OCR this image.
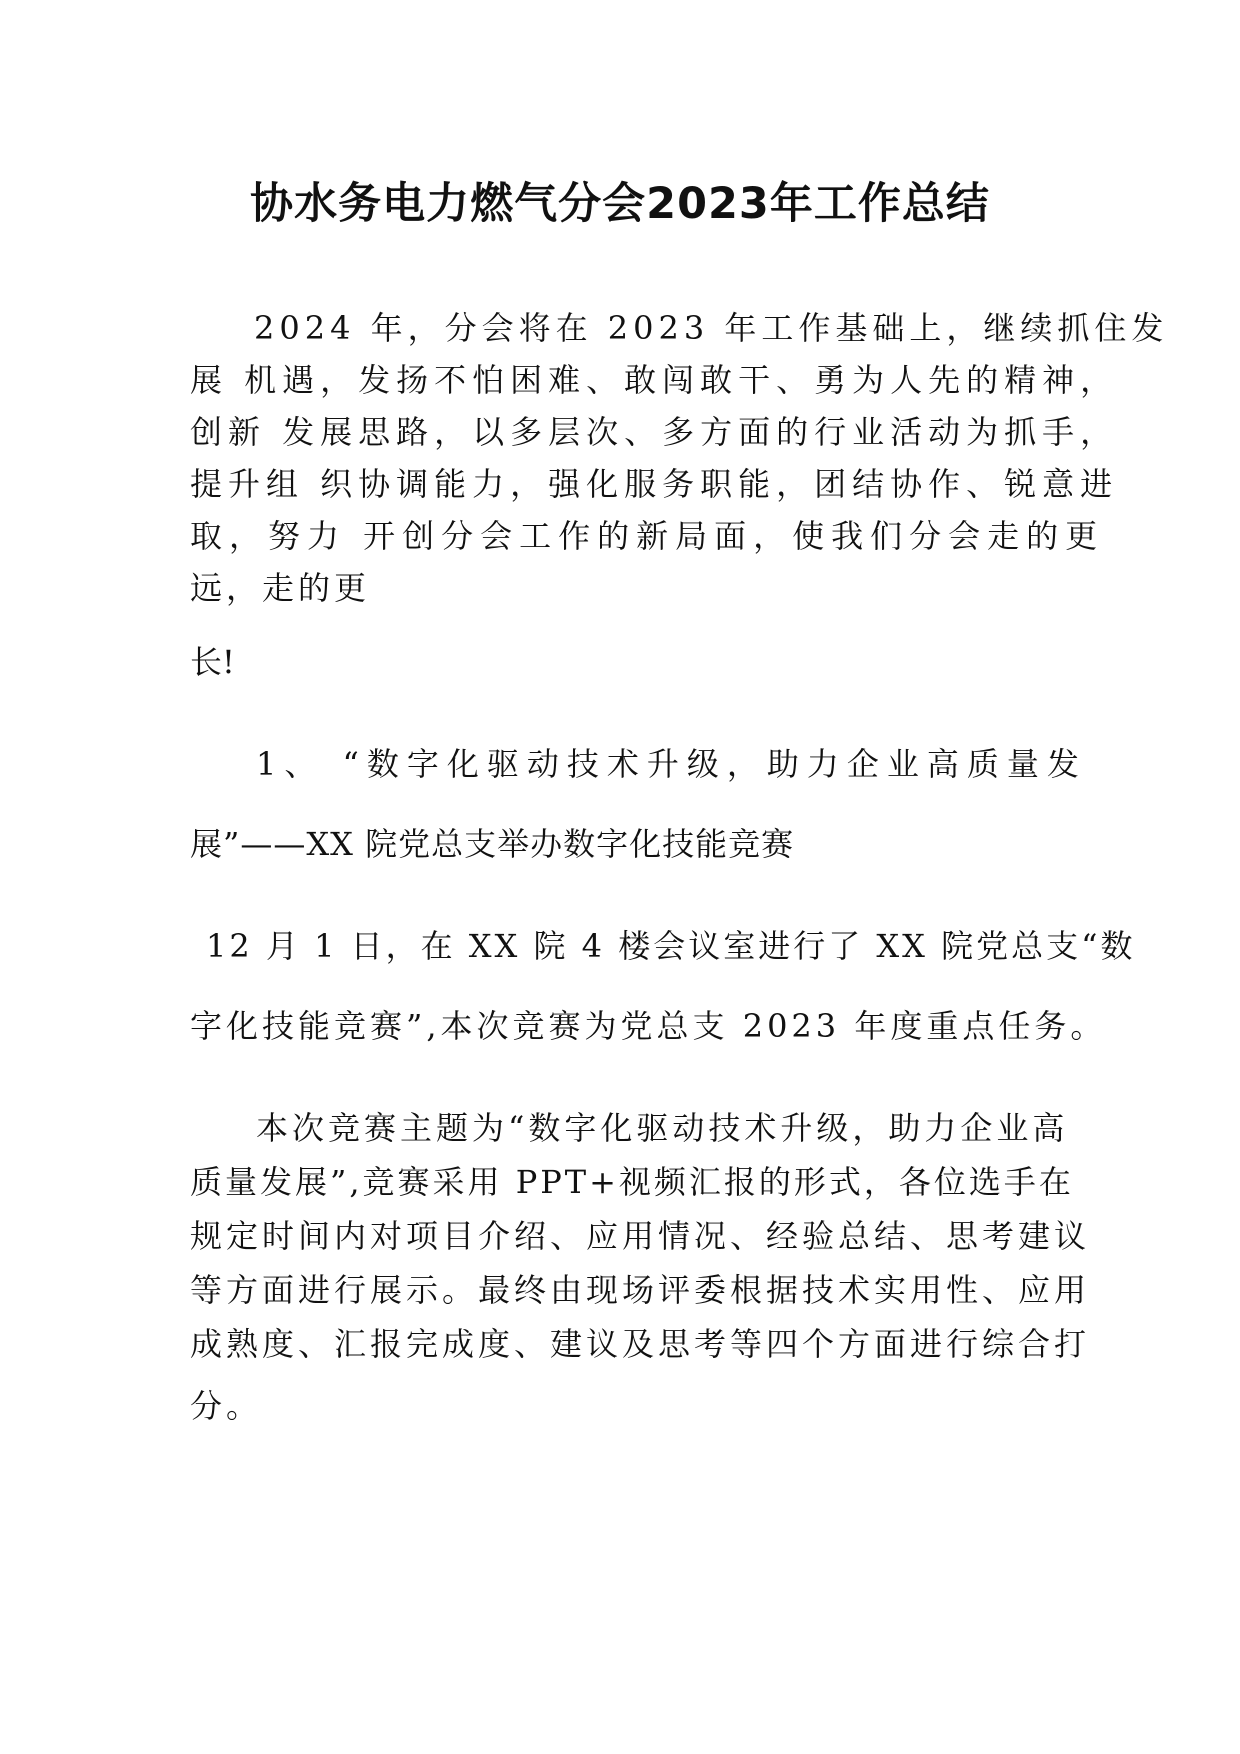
协水务电力燃气分会2023年工作总结

2024 年，分会将在 2023 年工作基础上，继续抓住发

展 机遇，发扬不怕困难、敢闯敢干、勇为人先的精神，

创新 发展思路，以多层次、多方面的行业活动为抓手，

提升组 织协调能力，强化服务职能，团结协作、锐意进

取，努力 开创分会工作的新局面，使我们分会走的更

远，走的更

长!

1、 “数字化驱动技术升级，助力企业高质量发

展”——XX 院党总支举办数字化技能竞赛

12 月 1 日，在 XX 院 4 楼会议室进行了 XX 院党总支“数

字化技能竞赛”,本次竞赛为党总支 2023 年度重点任务。

本次竞赛主题为“数字化驱动技术升级，助力企业高

质量发展”,竞赛采用 PPT+视频汇报的形式，各位选手在

规定时间内对项目介绍、应用情况、经验总结、思考建议

等方面进行展示。最终由现场评委根据技术实用性、应用

成熟度、汇报完成度、建议及思考等四个方面进行综合打

分。
